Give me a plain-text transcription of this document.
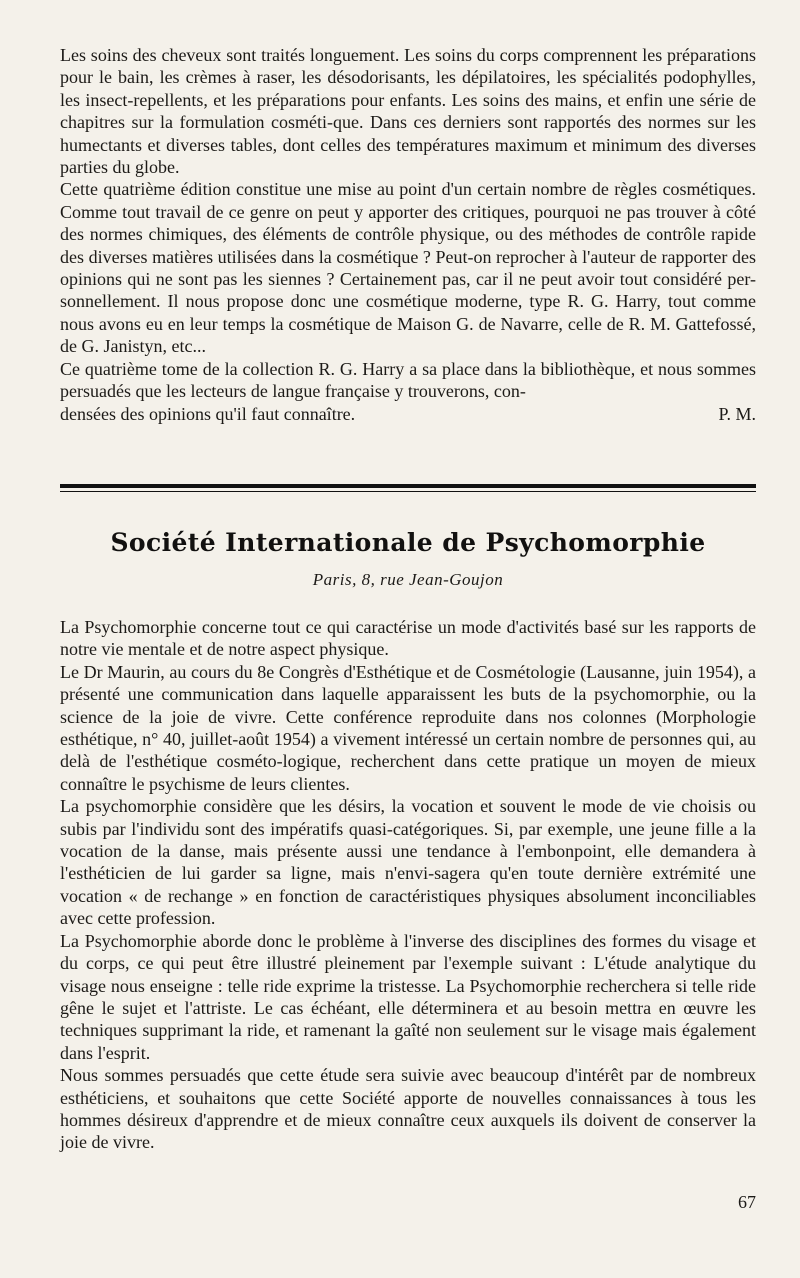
Les soins des cheveux sont traités longuement. Les soins du corps comprennent les préparations pour le bain, les crèmes à raser, les désodorisants, les dépilatoires, les spécialités podophylles, les insect-repellents, et les préparations pour enfants. Les soins des mains, et enfin une série de chapitres sur la formulation cosméti-que. Dans ces derniers sont rapportés des normes sur les humectants et diverses tables, dont celles des températures maximum et minimum des diverses parties du globe.

Cette quatrième édition constitue une mise au point d'un certain nombre de règles cosmétiques. Comme tout travail de ce genre on peut y apporter des critiques, pourquoi ne pas trouver à côté des normes chimiques, des éléments de contrôle physique, ou des méthodes de contrôle rapide des diverses matières utilisées dans la cosmétique ? Peut-on reprocher à l'auteur de rapporter des opinions qui ne sont pas les siennes ? Certainement pas, car il ne peut avoir tout considéré per-sonnellement. Il nous propose donc une cosmétique moderne, type R. G. Harry, tout comme nous avons eu en leur temps la cosmétique de Maison G. de Navarre, celle de R. M. Gattefossé, de G. Janistyn, etc...

Ce quatrième tome de la collection R. G. Harry a sa place dans la bibliothèque, et nous sommes persuadés que les lecteurs de langue française y trouverons, con-

densées des opinions qu'il faut connaître.	P. M.

Société Internationale de Psychomorphie
Paris, 8, rue Jean-Goujon

La Psychomorphie concerne tout ce qui caractérise un mode d'activités basé sur les rapports de notre vie mentale et de notre aspect physique.

Le Dr Maurin, au cours du 8e Congrès d'Esthétique et de Cosmétologie (Lausanne, juin 1954), a présenté une communication dans laquelle apparaissent les buts de la psychomorphie, ou la science de la joie de vivre. Cette conférence reproduite dans nos colonnes (Morphologie esthétique, n° 40, juillet-août 1954) a vivement intéressé un certain nombre de personnes qui, au delà de l'esthétique cosméto-logique, recherchent dans cette pratique un moyen de mieux connaître le psychisme de leurs clientes.

La psychomorphie considère que les désirs, la vocation et souvent le mode de vie choisis ou subis par l'individu sont des impératifs quasi-catégoriques. Si, par exemple, une jeune fille a la vocation de la danse, mais présente aussi une tendance à l'embonpoint, elle demandera à l'esthéticien de lui garder sa ligne, mais n'envi-sagera qu'en toute dernière extrémité une vocation « de rechange » en fonction de caractéristiques physiques absolument inconciliables avec cette profession.

La Psychomorphie aborde donc le problème à l'inverse des disciplines des formes du visage et du corps, ce qui peut être illustré pleinement par l'exemple suivant : L'étude analytique du visage nous enseigne : telle ride exprime la tristesse. La Psychomorphie recherchera si telle ride gêne le sujet et l'attriste. Le cas échéant, elle déterminera et au besoin mettra en œuvre les techniques supprimant la ride, et ramenant la gaîté non seulement sur le visage mais également dans l'esprit.

Nous sommes persuadés que cette étude sera suivie avec beaucoup d'intérêt par de nombreux esthéticiens, et souhaitons que cette Société apporte de nouvelles connaissances à tous les hommes désireux d'apprendre et de mieux connaître ceux auxquels ils doivent de conserver la joie de vivre.

67
